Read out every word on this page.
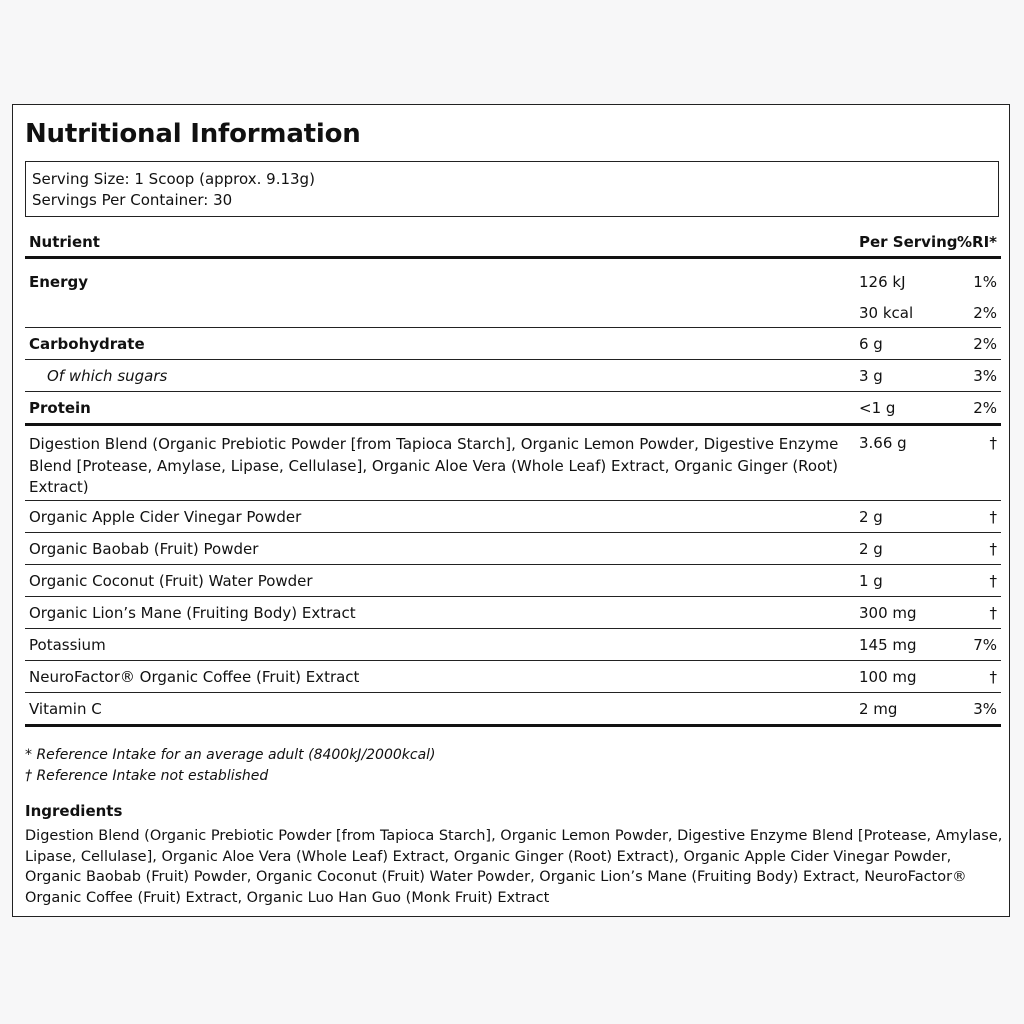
Nutritional Information
Serving Size: 1 Scoop (approx. 9.13g)
Servings Per Container: 30
Nutrient	Per Serving %RI*
Energy	126 kJ	1%
30 kcal	2%
Carbohydrate	6 g	2%
Of which sugars	3 g	3%
Protein	<1 g	2%
Digestion Blend (Organic Prebiotic Powder [from Tapioca Starch], Organic Lemon Powder, Digestive Enzyme Blend [Protease, Amylase, Lipase, Cellulase], Organic Aloe Vera (Whole Leaf) Extract, Organic Ginger (Root) Extract)
3.66 g	†
Organic Apple Cider Vinegar Powder	2 g	†
Organic Baobab (Fruit) Powder	2 g	†
Organic Coconut (Fruit) Water Powder	1 g	†
Organic Lion’s Mane (Fruiting Body) Extract	300 mg	†
Potassium	145 mg	7%
NeuroFactor® Organic Coffee (Fruit) Extract	100 mg	†
Vitamin C	2 mg	3%
* Reference Intake for an average adult (8400kJ/2000kcal)
† Reference Intake not established
Ingredients
Digestion Blend (Organic Prebiotic Powder [from Tapioca Starch], Organic Lemon Powder, Digestive Enzyme Blend [Protease, Amylase, Lipase, Cellulase], Organic Aloe Vera (Whole Leaf) Extract, Organic Ginger (Root) Extract), Organic Apple Cider Vinegar Powder, Organic Baobab (Fruit) Powder, Organic Coconut (Fruit) Water Powder, Organic Lion’s Mane (Fruiting Body) Extract, NeuroFactor® Organic Coffee (Fruit) Extract, Organic Luo Han Guo (Monk Fruit) Extract
